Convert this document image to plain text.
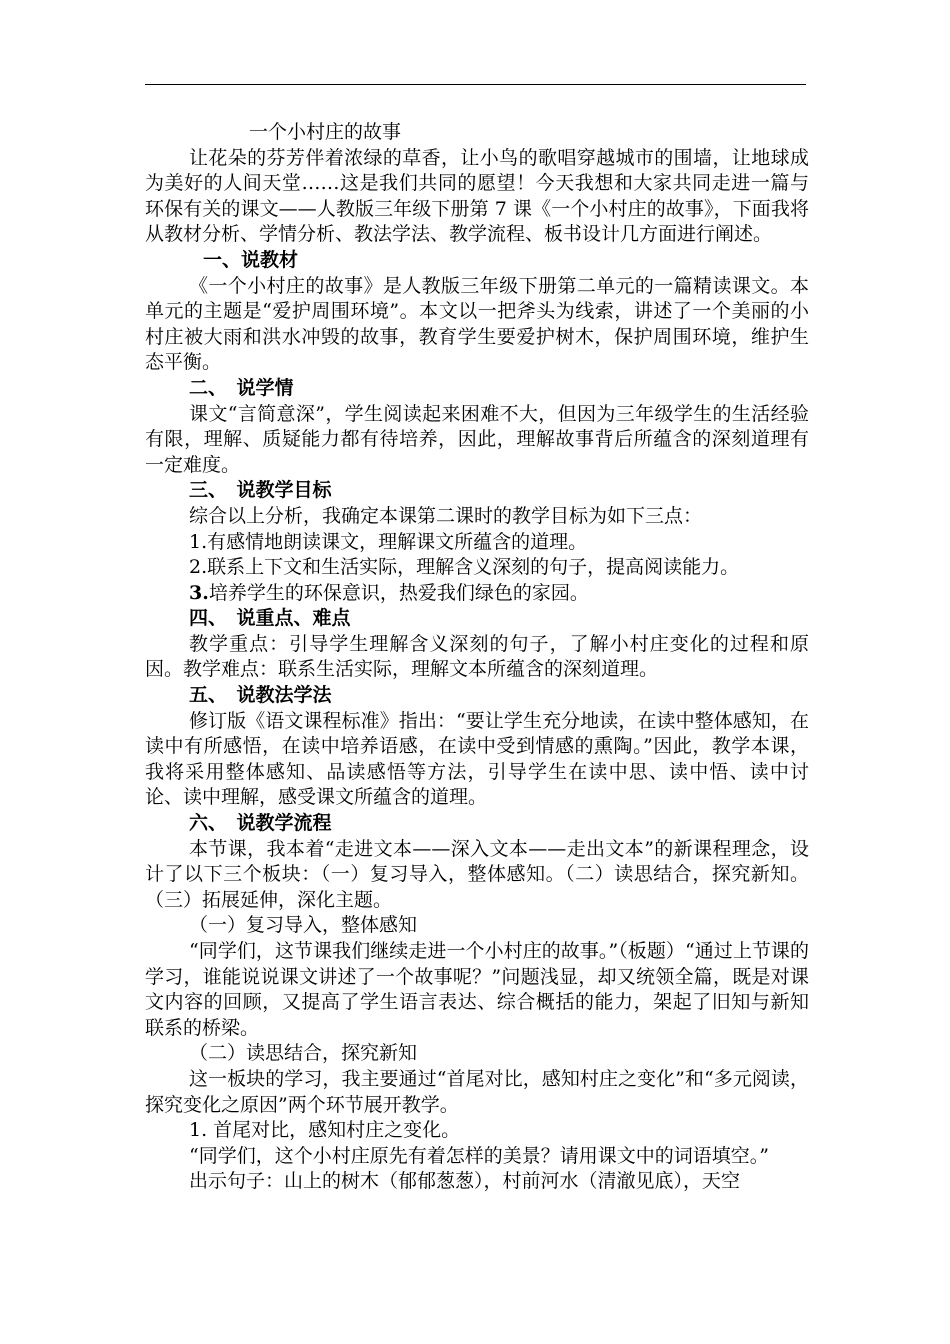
一个小村庄的故事

让花朵的芬芳伴着浓绿的草香，让小鸟的歌唱穿越城市的围墙，让地球成为美好的人间天堂……这是我们共同的愿望！今天我想和大家共同走进一篇与环保有关的课文——人教版三年级下册第 7 课《一个小村庄的故事》，下面我将从教材分析、学情分析、教法学法、教学流程、板书设计几方面进行阐述。

一、说教材

《一个小村庄的故事》是人教版三年级下册第二单元的一篇精读课文。本单元的主题是“爱护周围环境”。本文以一把斧头为线索，讲述了一个美丽的小村庄被大雨和洪水冲毁的故事，教育学生要爱护树木，保护周围环境，维护生态平衡。

二、　说学情

课文“言简意深”，学生阅读起来困难不大，但因为三年级学生的生活经验有限，理解、质疑能力都有待培养，因此，理解故事背后所蕴含的深刻道理有一定难度。

三、　说教学目标

综合以上分析，我确定本课第二课时的教学目标为如下三点：

1.有感情地朗读课文，理解课文所蕴含的道理。

2.联系上下文和生活实际，理解含义深刻的句子，提高阅读能力。

3.培养学生的环保意识，热爱我们绿色的家园。

四、　说重点、难点

教学重点：引导学生理解含义深刻的句子，了解小村庄变化的过程和原因。教学难点：联系生活实际，理解文本所蕴含的深刻道理。

五、　说教法学法

修订版《语文课程标准》指出：“要让学生充分地读，在读中整体感知，在读中有所感悟，在读中培养语感，在读中受到情感的熏陶。”因此，教学本课，我将采用整体感知、品读感悟等方法，引导学生在读中思、读中悟、读中讨论、读中理解，感受课文所蕴含的道理。

六、　说教学流程

本节课，我本着“走进文本——深入文本——走出文本”的新课程理念，设计了以下三个板块：（一）复习导入，整体感知。（二）读思结合，探究新知。（三）拓展延伸，深化主题。

（一）复习导入，整体感知

“同学们，这节课我们继续走进一个小村庄的故事。”（板题）“通过上节课的学习，谁能说说课文讲述了一个故事呢？”问题浅显，却又统领全篇，既是对课文内容的回顾，又提高了学生语言表达、综合概括的能力，架起了旧知与新知联系的桥梁。

（二）读思结合，探究新知

这一板块的学习，我主要通过“首尾对比，感知村庄之变化”和“多元阅读，探究变化之原因”两个环节展开教学。

1. 首尾对比，感知村庄之变化。

“同学们，这个小村庄原先有着怎样的美景？请用课文中的词语填空。”

出示句子：山上的树木（郁郁葱葱），村前河水（清澈见底），天空
